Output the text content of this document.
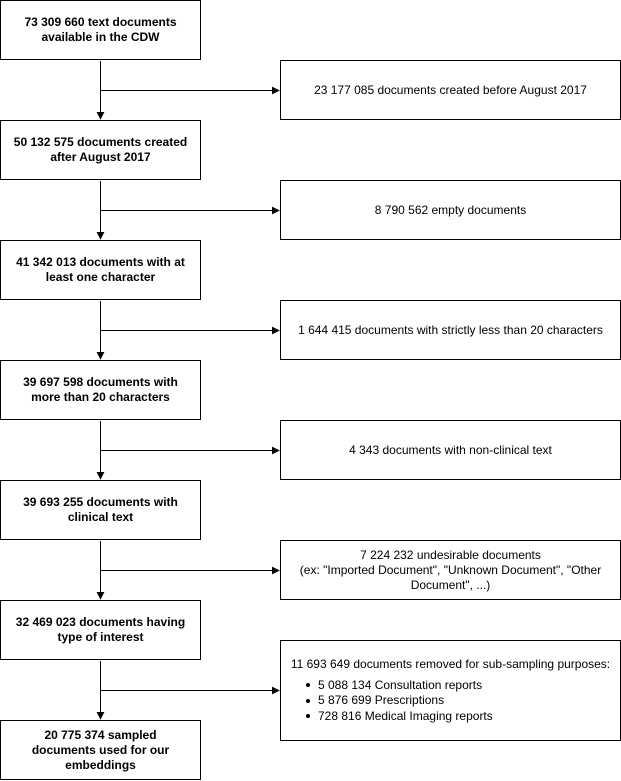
73 309 660 text documents available in the CDW
50 132 575 documents created after August 2017
41 342 013 documents with at least one character
39 697 598 documents with more than 20 characters
39 693 255 documents with clinical text
32 469 023 documents having type of interest
20 775 374 sampled documents used for our embeddings
23 177 085 documents created before August 2017
8 790 562 empty documents
1 644 415 documents with strictly less than 20 characters
4 343 documents with non-clinical text
7 224 232 undesirable documents
(ex: "Imported Document", "Unknown Document", "Other Document", ...)
11 693 649 documents removed for sub-sampling purposes:
5 088 134 Consultation reports
5 876 699 Prescriptions
728 816 Medical Imaging reports
